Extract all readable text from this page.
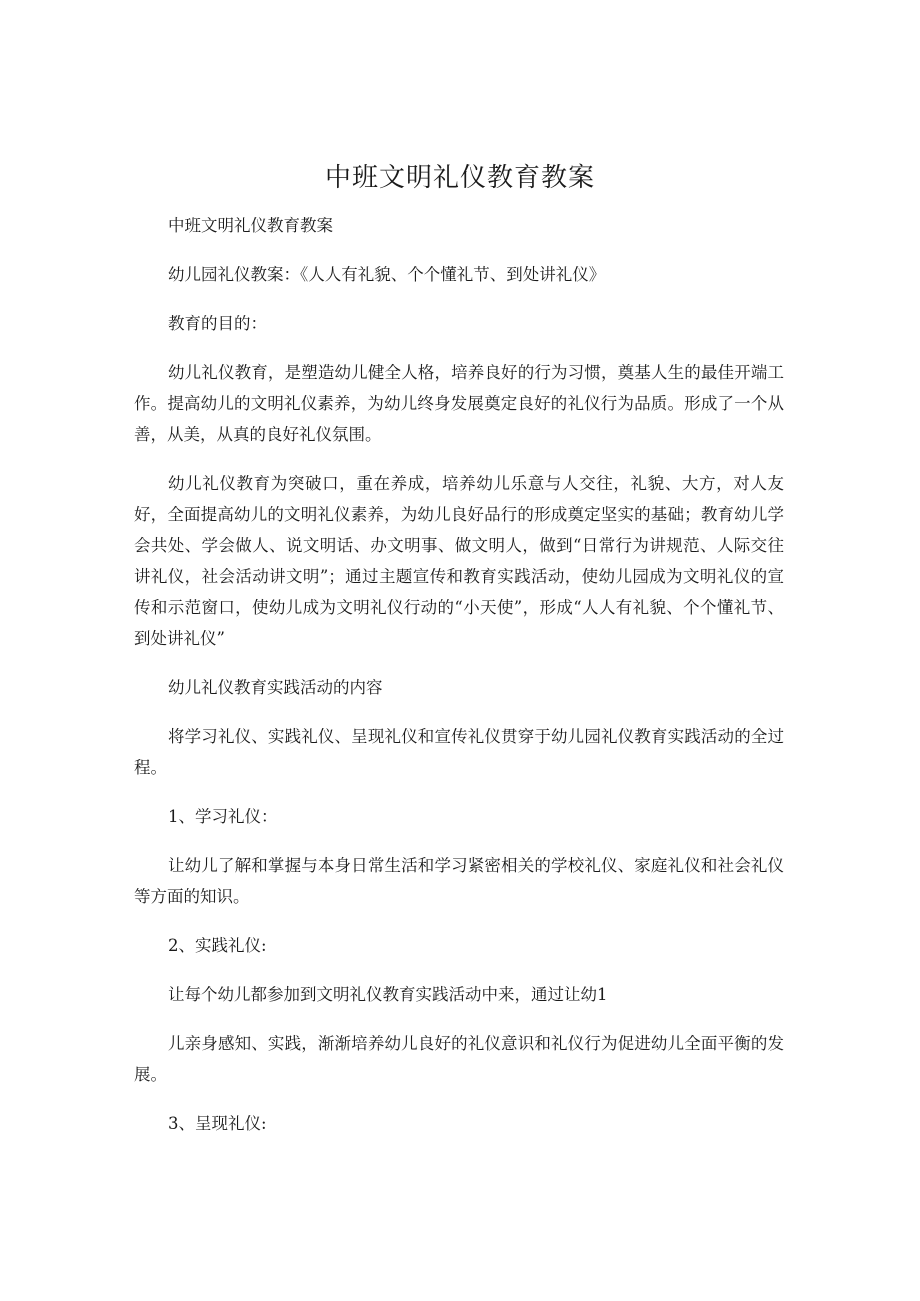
中班文明礼仪教育教案

中班文明礼仪教育教案

幼儿园礼仪教案：《人人有礼貌、个个懂礼节、到处讲礼仪》

教育的目的：

幼儿礼仪教育，是塑造幼儿健全人格，培养良好的行为习惯，奠基人生的最佳开端工作。提高幼儿的文明礼仪素养，为幼儿终身发展奠定良好的礼仪行为品质。形成了一个从善，从美，从真的良好礼仪氛围。

幼儿礼仪教育为突破口，重在养成，培养幼儿乐意与人交往，礼貌、大方，对人友好，全面提高幼儿的文明礼仪素养，为幼儿良好品行的形成奠定坚实的基础；教育幼儿学会共处、学会做人、说文明话、办文明事、做文明人，做到“日常行为讲规范、人际交往讲礼仪，社会活动讲文明”；通过主题宣传和教育实践活动，使幼儿园成为文明礼仪的宣传和示范窗口，使幼儿成为文明礼仪行动的“小天使”，形成“人人有礼貌、个个懂礼节、到处讲礼仪”

幼儿礼仪教育实践活动的内容

将学习礼仪、实践礼仪、呈现礼仪和宣传礼仪贯穿于幼儿园礼仪教育实践活动的全过程。

1、学习礼仪：

让幼儿了解和掌握与本身日常生活和学习紧密相关的学校礼仪、家庭礼仪和社会礼仪等方面的知识。

2、实践礼仪:

让每个幼儿都参加到文明礼仪教育实践活动中来，通过让幼1

儿亲身感知、实践，渐渐培养幼儿良好的礼仪意识和礼仪行为促进幼儿全面平衡的发展。

3、呈现礼仪:
